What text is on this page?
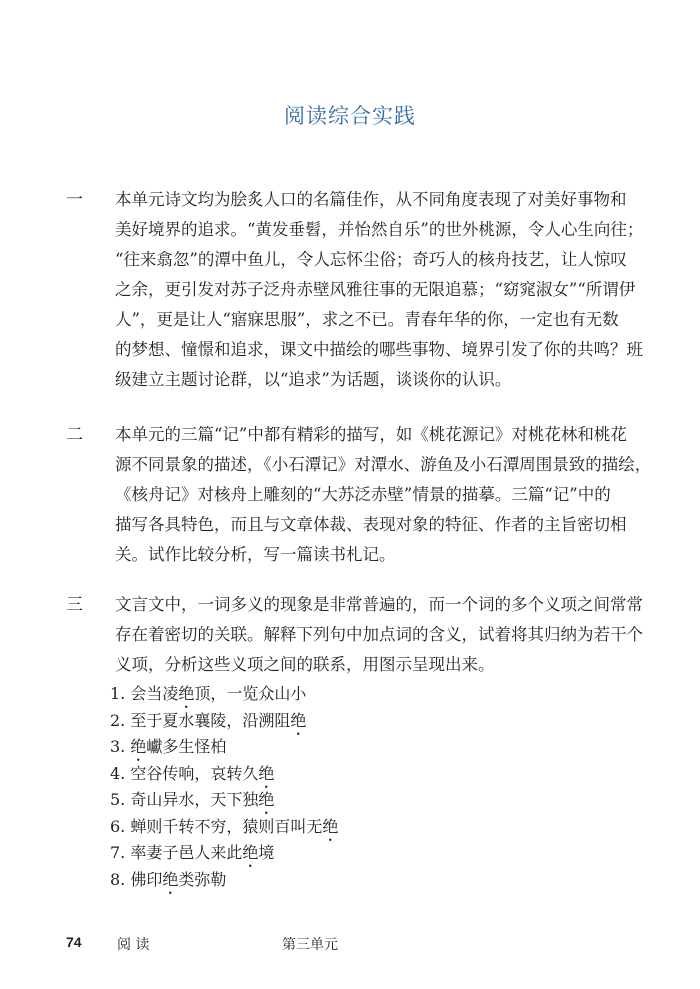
阅读综合实践
一 本单元诗文均为脍炙人口的名篇佳作，从不同角度表现了对美好事物和
美好境界的追求。“黄发垂髫，并怡然自乐”的世外桃源，令人心生向往；
“往来翕忽”的潭中鱼儿，令人忘怀尘俗；奇巧人的核舟技艺，让人惊叹
之余，更引发对苏子泛舟赤壁风雅往事的无限追慕；“窈窕淑女”“所谓伊
人”，更是让人“寤寐思服”，求之不已。青春年华的你，一定也有无数
的梦想、憧憬和追求，课文中描绘的哪些事物、境界引发了你的共鸣？班
级建立主题讨论群，以“追求”为话题，谈谈你的认识。
二 本单元的三篇“记”中都有精彩的描写，如《桃花源记》对桃花林和桃花
源不同景象的描述，《小石潭记》对潭水、游鱼及小石潭周围景致的描绘，
《核舟记》对核舟上雕刻的“大苏泛赤壁”情景的描摹。三篇“记”中的
描写各具特色，而且与文章体裁、表现对象的特征、作者的主旨密切相
关。试作比较分析，写一篇读书札记。
三 文言文中，一词多义的现象是非常普遍的，而一个词的多个义项之间常常
存在着密切的关联。解释下列句中加点词的含义，试着将其归纳为若干个
义项，分析这些义项之间的联系，用图示呈现出来。
1. 会当凌绝顶，一览众山小
2. 至于夏水襄陵，沿溯阻绝
3. 绝巘多生怪柏
4. 空谷传响，哀转久绝
5. 奇山异水，天下独绝
6. 蝉则千转不穷，猿则百叫无绝
7. 率妻子邑人来此绝境
8. 佛印绝类弥勒
74	阅 读	第三单元
